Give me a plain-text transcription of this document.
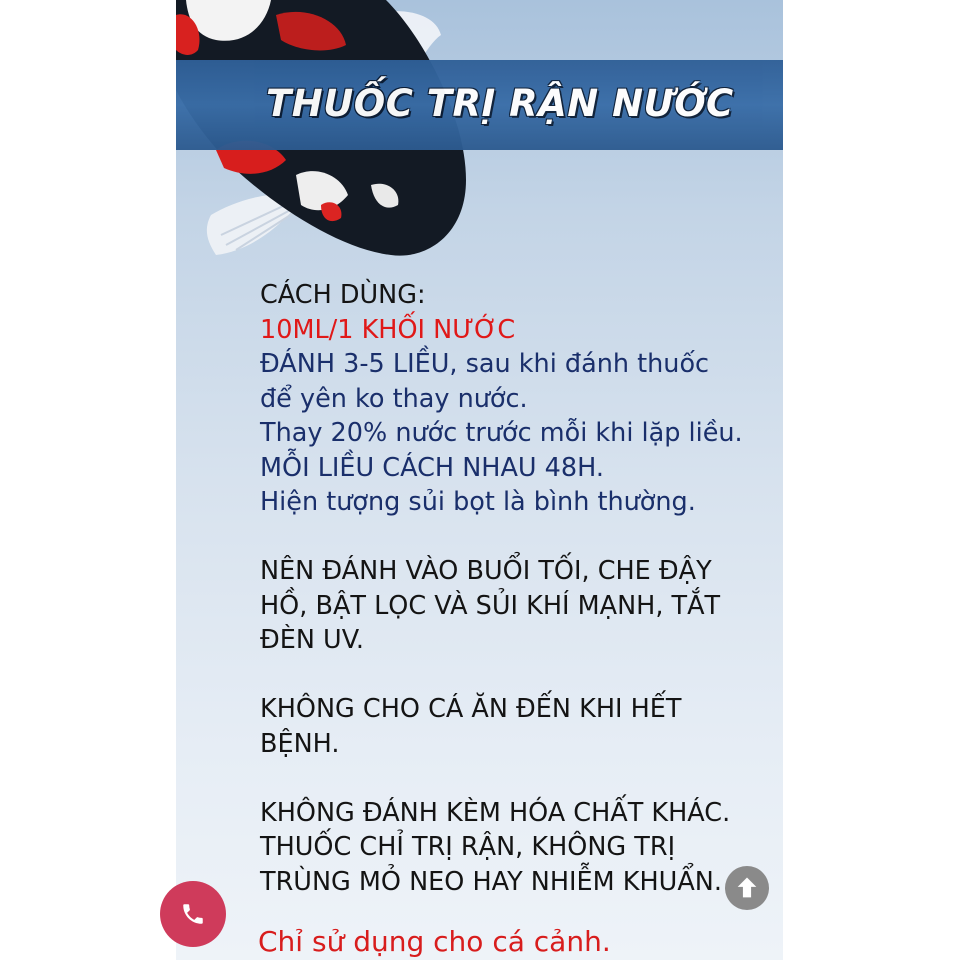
THUỐC TRỊ RẬN NƯỚC
CÁCH DÙNG:
10ML/1 KHỐI NƯỚC
ĐÁNH 3-5 LIỀU, sau khi đánh thuốc
để yên ko thay nước.
Thay 20% nước trước mỗi khi lặp liều.
MỖI LIỀU CÁCH NHAU 48H.
Hiện tượng sủi bọt là bình thường.
NÊN ĐÁNH VÀO BUỔI TỐI, CHE ĐẬY
HỒ, BẬT LỌC VÀ SỦI KHÍ MẠNH, TẮT
ĐÈN UV.
KHÔNG CHO CÁ ĂN ĐẾN KHI HẾT
BỆNH.
KHÔNG ĐÁNH KÈM HÓA CHẤT KHÁC.
THUỐC CHỈ TRỊ RẬN, KHÔNG TRỊ
TRÙNG MỎ NEO HAY NHIỄM KHUẨN.
Chỉ sử dụng cho cá cảnh.
